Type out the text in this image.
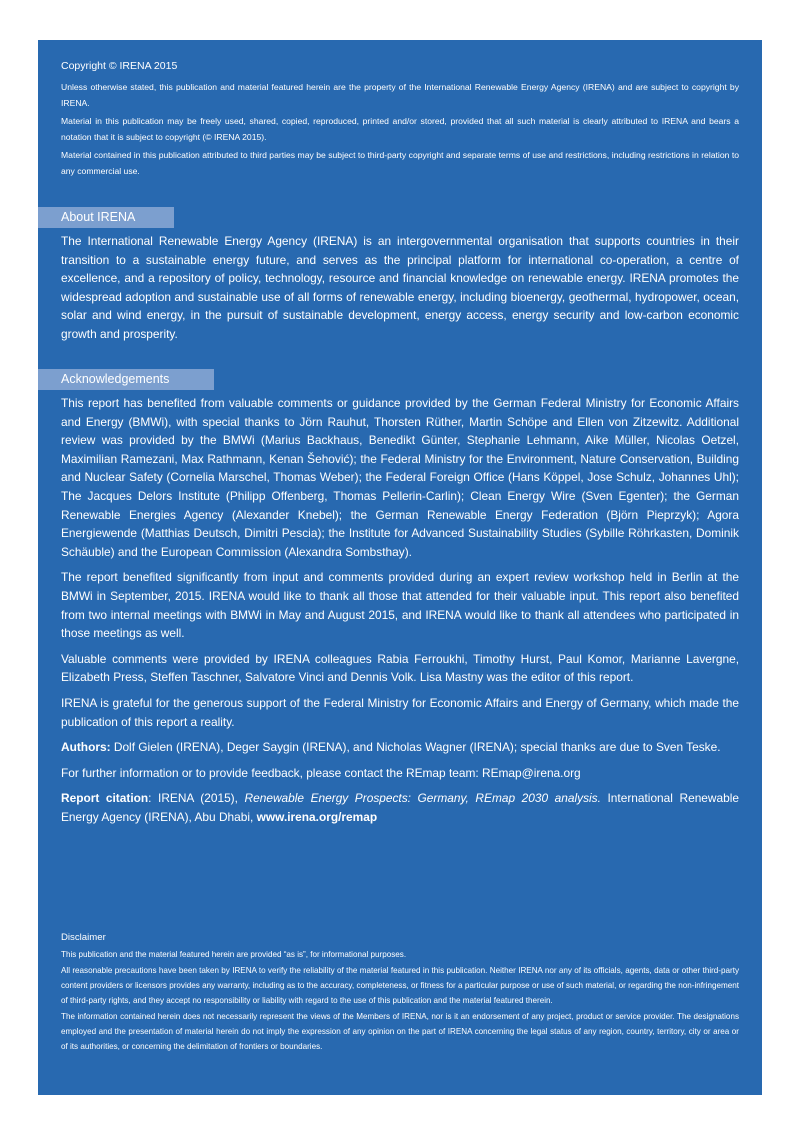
Copyright © IRENA 2015

Unless otherwise stated, this publication and material featured herein are the property of the International Renewable Energy Agency (IRENA) and are subject to copyright by IRENA.

Material in this publication may be freely used, shared, copied, reproduced, printed and/or stored, provided that all such material is clearly attributed to IRENA and bears a notation that it is subject to copyright (© IRENA 2015).

Material contained in this publication attributed to third parties may be subject to third-party copyright and separate terms of use and restrictions, including restrictions in relation to any commercial use.

About IRENA

The International Renewable Energy Agency (IRENA) is an intergovernmental organisation that supports countries in their transition to a sustainable energy future, and serves as the principal platform for international co-operation, a centre of excellence, and a repository of policy, technology, resource and financial knowledge on renewable energy. IRENA promotes the widespread adoption and sustainable use of all forms of renewable energy, including bioenergy, geothermal, hydropower, ocean, solar and wind energy, in the pursuit of sustainable development, energy access, energy security and low-carbon economic growth and prosperity.

Acknowledgements

This report has benefited from valuable comments or guidance provided by the German Federal Ministry for Economic Affairs and Energy (BMWi), with special thanks to Jörn Rauhut, Thorsten Rüther, Martin Schöpe and Ellen von Zitzewitz. Additional review was provided by the BMWi (Marius Backhaus, Benedikt Günter, Stephanie Lehmann, Aike Müller, Nicolas Oetzel, Maximilian Ramezani, Max Rathmann, Kenan Šehović); the Federal Ministry for the Environment, Nature Conservation, Building and Nuclear Safety (Cornelia Marschel, Thomas Weber); the Federal Foreign Office (Hans Köppel, Jose Schulz, Johannes Uhl); The Jacques Delors Institute (Philipp Offenberg, Thomas Pellerin-Carlin); Clean Energy Wire (Sven Egenter); the German Renewable Energies Agency (Alexander Knebel); the German Renewable Energy Federation (Björn Pieprzyk); Agora Energiewende (Matthias Deutsch, Dimitri Pescia); the Institute for Advanced Sustainability Studies (Sybille Röhrkasten, Dominik Schäuble) and the European Commission (Alexandra Sombsthay).

The report benefited significantly from input and comments provided during an expert review workshop held in Berlin at the BMWi in September, 2015. IRENA would like to thank all those that attended for their valuable input. This report also benefited from two internal meetings with BMWi in May and August 2015, and IRENA would like to thank all attendees who participated in those meetings as well.

Valuable comments were provided by IRENA colleagues Rabia Ferroukhi, Timothy Hurst, Paul Komor, Marianne Lavergne, Elizabeth Press, Steffen Taschner, Salvatore Vinci and Dennis Volk. Lisa Mastny was the editor of this report.

IRENA is grateful for the generous support of the Federal Ministry for Economic Affairs and Energy of Germany, which made the publication of this report a reality.

Authors: Dolf Gielen (IRENA), Deger Saygin (IRENA), and Nicholas Wagner (IRENA); special thanks are due to Sven Teske.

For further information or to provide feedback, please contact the REmap team: REmap@irena.org

Report citation: IRENA (2015), Renewable Energy Prospects: Germany, REmap 2030 analysis. International Renewable Energy Agency (IRENA), Abu Dhabi, www.irena.org/remap

Disclaimer

This publication and the material featured herein are provided “as is”, for informational purposes.

All reasonable precautions have been taken by IRENA to verify the reliability of the material featured in this publication. Neither IRENA nor any of its officials, agents, data or other third-party content providers or licensors provides any warranty, including as to the accuracy, completeness, or fitness for a particular purpose or use of such material, or regarding the non-infringement of third-party rights, and they accept no responsibility or liability with regard to the use of this publication and the material featured therein.

The information contained herein does not necessarily represent the views of the Members of IRENA, nor is it an endorsement of any project, product or service provider. The designations employed and the presentation of material herein do not imply the expression of any opinion on the part of IRENA concerning the legal status of any region, country, territory, city or area or of its authorities, or concerning the delimitation of frontiers or boundaries.
